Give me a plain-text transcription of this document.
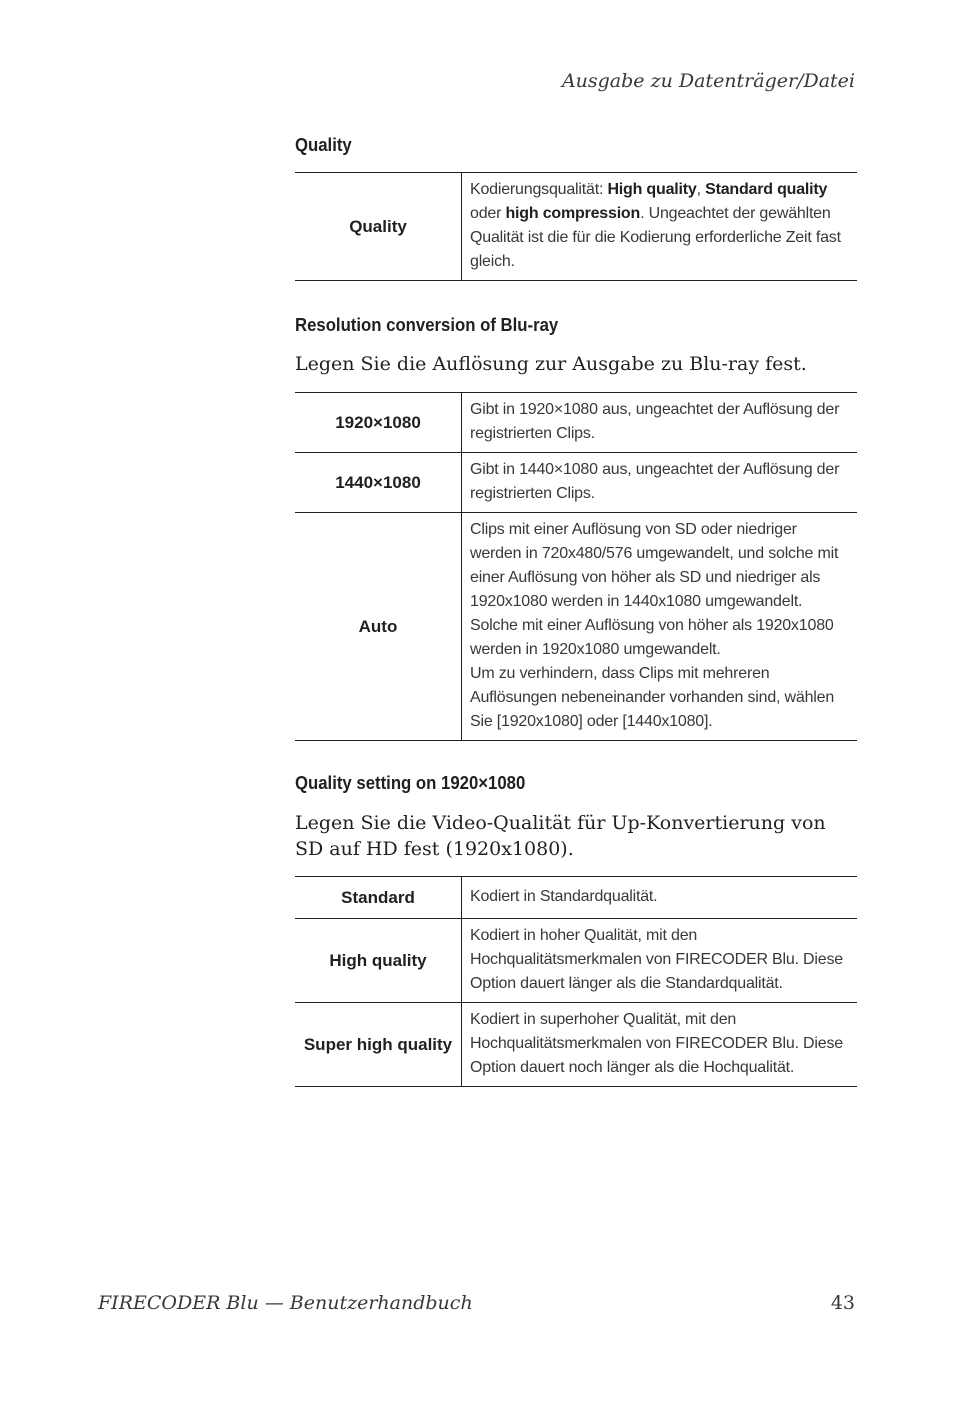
Ausgabe zu Datenträger/Datei
Quality
Quality	Kodierungsqualität: High quality, Standard quality oder high compression. Ungeachtet der gewählten Qualität ist die für die Kodierung erforderliche Zeit fast gleich.
Resolution conversion of Blu-ray

Legen Sie die Auflösung zur Ausgabe zu Blu-ray fest.

1920×1080	Gibt in 1920×1080 aus, ungeachtet der Auflösung der registrierten Clips.
1440×1080	Gibt in 1440×1080 aus, ungeachtet der Auflösung der registrierten Clips.
Auto	Clips mit einer Auflösung von SD oder niedriger werden in 720x480/576 umgewandelt, und solche mit einer Auflösung von höher als SD und niedriger als 1920x1080 werden in 1440x1080 umgewandelt. Solche mit einer Auflösung von höher als 1920x1080 werden in 1920x1080 umgewandelt.
Um zu verhindern, dass Clips mit mehreren Auflösungen nebeneinander vorhanden sind, wählen Sie [1920x1080] oder [1440x1080].
Quality setting on 1920×1080

Legen Sie die Video-Qualität für Up-Konvertierung von SD auf HD fest (1920x1080).

Standard	Kodiert in Standardqualität.
High quality	Kodiert in hoher Qualität, mit den Hochqualitätsmerkmalen von FIRECODER Blu. Diese Option dauert länger als die Standardqualität.
Super high quality	Kodiert in superhoher Qualität, mit den Hochqualitätsmerkmalen von FIRECODER Blu. Diese Option dauert noch länger als die Hochqualität.
FIRECODER Blu — Benutzerhandbuch	43
